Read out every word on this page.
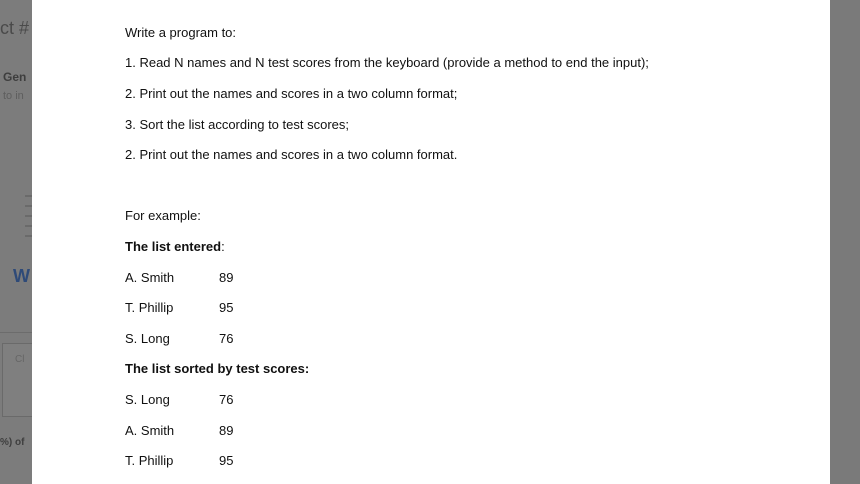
ct #
Gen
to in
W
Cl
%) of

Write a program to:

1. Read N names and N test scores from the keyboard (provide a method to end the input);

2. Print out the names and scores in a two column format;

3. Sort the list according to test scores;

2. Print out the names and scores in a two column format.

For example:

The list entered:

A. Smith	89

T. Phillip	95

S. Long	76

The list sorted by test scores:

S. Long	76

A. Smith	89

T. Phillip	95
